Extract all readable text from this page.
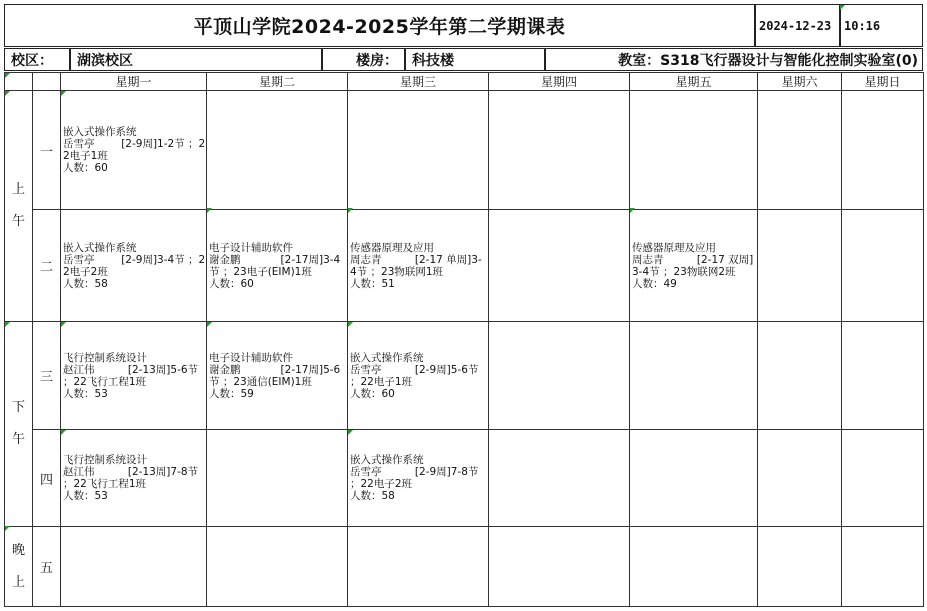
平顶山学院2024-2025学年第二学期课表	2024-12-23	10:16
校区：	湖滨校区	楼房：	科技楼	教室：S318飞行器设计与智能化控制实验室(0)
		星期一	星期二	星期三	星期四	星期五	星期六	星期日
上
午	一	嵌入式操作系统
岳雪亭        [2-9周]1-2节 ；22电子1班
人数：60						
	二	嵌入式操作系统
岳雪亭        [2-9周]3-4节 ；22电子2班
人数：58	电子设计辅助软件
谢金鹏            [2-17周]3-4节 ；23电子(EIM)1班
人数：60	传感器原理及应用
周志青          [2-17 单周]3-4节 ；23物联网1班
人数：51		传感器原理及应用
周志青          [2-17 双周]3-4节 ；23物联网2班
人数：49		
下
午	三	飞行控制系统设计
赵江伟          [2-13周]5-6节 ；22飞行工程1班
人数：53	电子设计辅助软件
谢金鹏            [2-17周]5-6节 ；23通信(EIM)1班
人数：59	嵌入式操作系统
岳雪亭          [2-9周]5-6节 ；22电子1班
人数：60				
	四	飞行控制系统设计
赵江伟          [2-13周]7-8节 ；22飞行工程1班
人数：53		嵌入式操作系统
岳雪亭          [2-9周]7-8节 ；22电子2班
人数：58				
晚
上	五							
